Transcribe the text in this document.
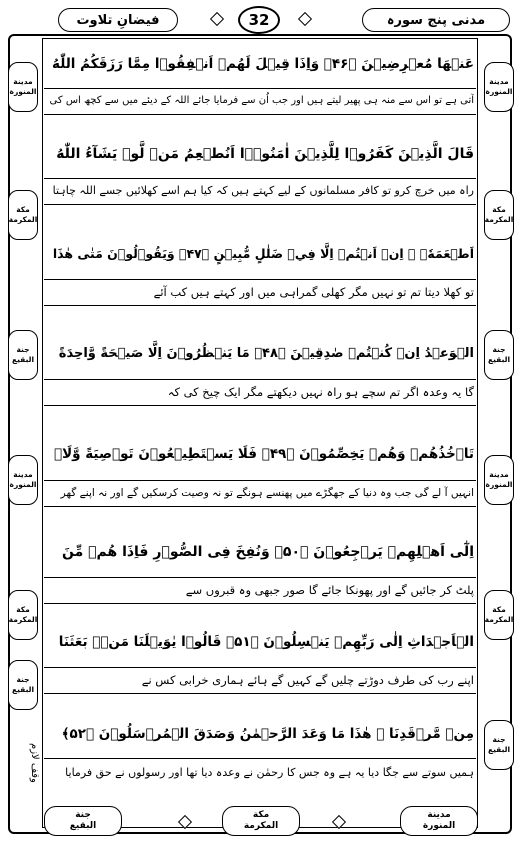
مدنی پنج سورہ
32
فیضانِ تلاوت
عَنۡهَا مُعۡرِضِيۡنَ ﴿۴۶﴾ وَاِذَا قِيۡلَ لَهُمۡ اَنۡفِقُوۡا مِمَّا رَزَقَكُمُ اللّٰهُ
آتی ہے تو اس سے منہ ہی پھیر لیتے ہیں اور جب اُن سے فرمایا جائے اللہ کے دیئے میں سے کچھ اس کی
قَالَ الَّذِيۡنَ كَفَرُوۡا لِلَّذِيۡنَ اٰمَنُوۡۤا اَنُطۡعِمُ مَنۡ لَّوۡ يَشَآءُ اللّٰهُ
راہ میں خرچ کرو تو کافر مسلمانوں کے لیے کہتے ہیں کہ کیا ہم اسے کھلائیں جسے اللہ چاہتا
اَطۡعَمَهٗۤ ۖ اِنۡ اَنۡتُمۡ اِلَّا فِيۡ ضَلٰلٍ مُّبِيۡنٍ ﴿۴۷﴾ وَيَقُوۡلُوۡنَ مَتٰى هٰذَا
تو کھلا دیتا تم تو نہیں مگر کھلی گمراہی میں اور کہتے ہیں کب آئے
الۡوَعۡدُ اِنۡ كُنۡتُمۡ صٰدِقِيۡنَ ﴿۴۸﴾ مَا يَنۡظُرُوۡنَ اِلَّا صَيۡحَةً وَّاحِدَةً
گا یہ وعدہ اگر تم سچے ہو راہ نہیں دیکھتے مگر ایک چیخ کی کہ
تَاۡخُذُهُمۡ وَهُمۡ يَخِصِّمُوۡنَ ﴿۴۹﴾ فَلَا يَسۡتَطِيۡعُوۡنَ تَوۡصِيَةً وَّلَاۤ
انہیں آ لے گی جب وہ دنیا کے جھگڑے میں پھنسے ہونگے تو نہ وصیت کرسکیں گے اور نہ اپنے گھر
اِلٰٓى اَهۡلِهِمۡ يَرۡجِعُوۡنَ ﴿۵۰﴾ وَنُفِخَ فِى الصُّوۡرِ فَاِذَا هُمۡ مِّنَ
پلٹ کر جائیں گے اور پھونکا جائے گا صور جبھی وہ قبروں سے
الۡاَجۡدَاثِ اِلٰى رَبِّهِمۡ يَنۡسِلُوۡنَ ﴿۵۱﴾ قَالُوۡا يٰوَيۡلَنَا مَنۡۢ بَعَثَنَا
اپنے رب کی طرف دوڑتے چلیں گے کہیں گے ہائے ہماری خرابی کس نے
مِنۡ مَّرۡقَدِنَا ۜ هٰذَا مَا وَعَدَ الرَّحۡمٰنُ وَصَدَقَ الۡمُرۡسَلُوۡنَ ﴿۵۲﴾
ہمیں سوتے سے جگا دیا یہ ہے وہ جس کا رحمٰن نے وعدہ دیا تھا اور رسولوں نے حق فرمایا
مدینة
المنورة
مکة
المکرمة
جنة
البقیع
مدینة
المنورة
مکة
المکرمة
جنة
البقیع
مدینة
المنورة
مکة
المکرمة
جنة
البقیع
مدینة
المنورة
مکة
المکرمة
جنة
البقیع
وقف لازم
مدینة
المنورة
مکة
المکرمة
جنة
البقیع
